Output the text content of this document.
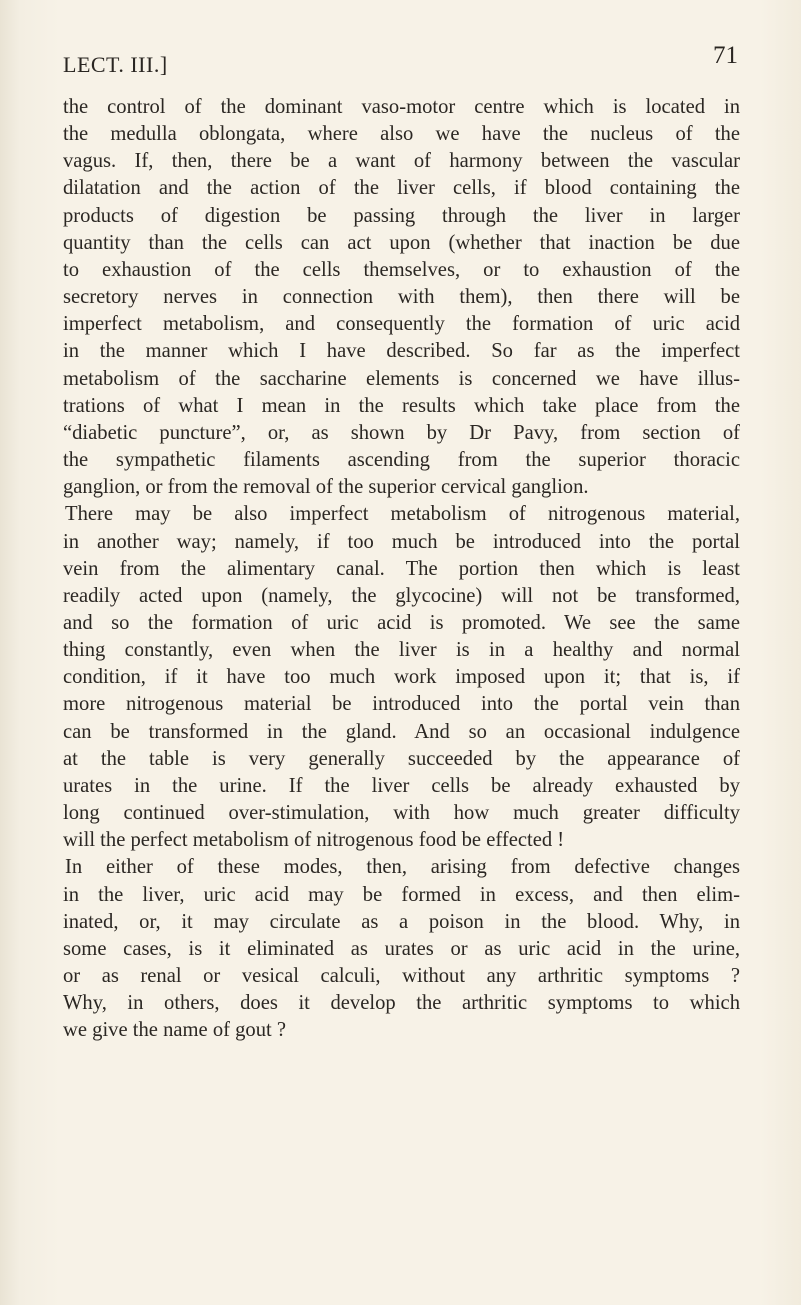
LECT. III.]	71

the control of the dominant vaso-motor centre which is located in
the medulla oblongata, where also we have the nucleus of the
vagus. If, then, there be a want of harmony between the vascular
dilatation and the action of the liver cells, if blood containing the
products of digestion be passing through the liver in larger
quantity than the cells can act upon (whether that inaction be due
to exhaustion of the cells themselves, or to exhaustion of the
secretory nerves in connection with them), then there will be
imperfect metabolism, and consequently the formation of uric acid
in the manner which I have described. So far as the imperfect
metabolism of the saccharine elements is concerned we have illus-
trations of what I mean in the results which take place from the
“diabetic puncture”, or, as shown by Dr Pavy, from section of
the sympathetic filaments ascending from the superior thoracic
ganglion, or from the removal of the superior cervical ganglion.

There may be also imperfect metabolism of nitrogenous material,
in another way; namely, if too much be introduced into the portal
vein from the alimentary canal. The portion then which is least
readily acted upon (namely, the glycocine) will not be transformed,
and so the formation of uric acid is promoted. We see the same
thing constantly, even when the liver is in a healthy and normal
condition, if it have too much work imposed upon it; that is, if
more nitrogenous material be introduced into the portal vein than
can be transformed in the gland. And so an occasional indulgence
at the table is very generally succeeded by the appearance of
urates in the urine. If the liver cells be already exhausted by
long continued over-stimulation, with how much greater difficulty
will the perfect metabolism of nitrogenous food be effected !

In either of these modes, then, arising from defective changes
in the liver, uric acid may be formed in excess, and then elim-
inated, or, it may circulate as a poison in the blood. Why, in
some cases, is it eliminated as urates or as uric acid in the urine,
or as renal or vesical calculi, without any arthritic symptoms ?
Why, in others, does it develop the arthritic symptoms to which
we give the name of gout ?
